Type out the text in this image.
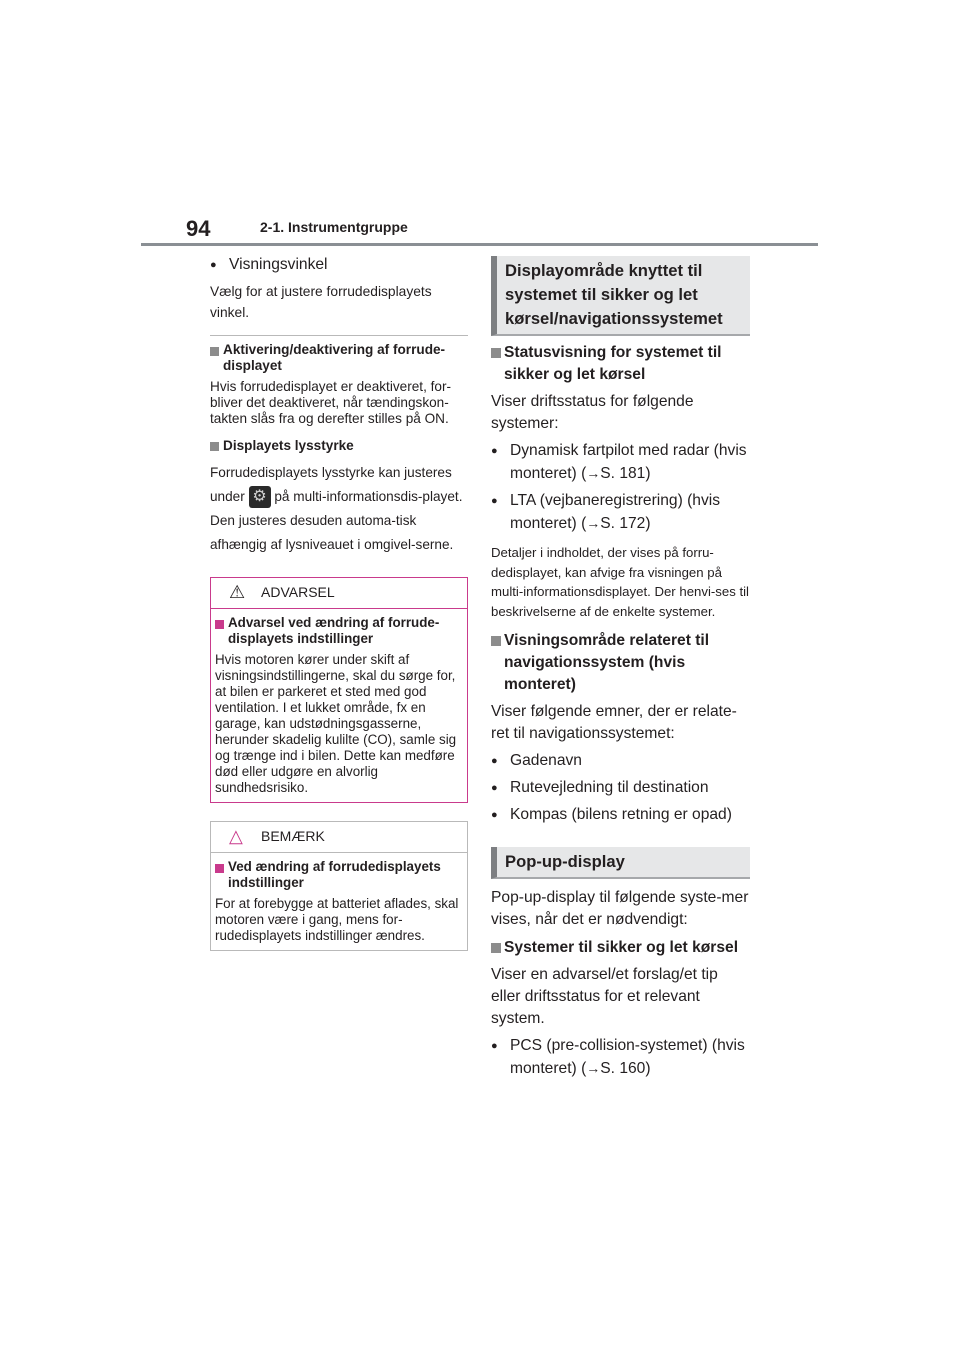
94	2-1. Instrumentgruppe
● Visningsvinkel
Vælg for at justere forrudedisplayets vinkel.
Aktivering/deaktivering af forrude-displayet
Hvis forrudedisplayet er deaktiveret, for-bliver det deaktiveret, når tændingskon-takten slås fra og derefter stilles på ON.
Displayets lysstyrke
Forrudedisplayets lysstyrke kan justeres under ⚙ på multi-informationsdis-playet. Den justeres desuden automa-tisk afhængig af lysniveauet i omgivel-serne.
⚠ ADVARSEL
Advarsel ved ændring af forrude-displayets indstillinger
Hvis motoren kører under skift af visningsindstillingerne, skal du sørge for, at bilen er parkeret et sted med god ventilation. I et lukket område, fx en garage, kan udstødningsgasserne, herunder skadelig kulilte (CO), samle sig og trænge ind i bilen. Dette kan medføre død eller udgøre en alvorlig sundhedsrisiko.
△ BEMÆRK
Ved ændring af forrudedisplayets indstillinger
For at forebygge at batteriet aflades, skal motoren være i gang, mens for-rudedisplayets indstillinger ændres.
Displayområde knyttet til systemet til sikker og let kørsel/navigationssystemet
Statusvisning for systemet til sikker og let kørsel
Viser driftsstatus for følgende systemer:
● Dynamisk fartpilot med radar (hvis monteret) (→S. 181)
● LTA (vejbaneregistrering) (hvis monteret) (→S. 172)
Detaljer i indholdet, der vises på forru-dedisplayet, kan afvige fra visningen på multi-informationsdisplayet. Der henvi-ses til beskrivelserne af de enkelte systemer.
Visningsområde relateret til navigationssystem (hvis monteret)
Viser følgende emner, der er relate-ret til navigationssystemet:
● Gadenavn
● Rutevejledning til destination
● Kompas (bilens retning er opad)
Pop-up-display
Pop-up-display til følgende syste-mer vises, når det er nødvendigt:
Systemer til sikker og let kørsel
Viser en advarsel/et forslag/et tip eller driftsstatus for et relevant system.
● PCS (pre-collision-systemet) (hvis monteret) (→S. 160)
